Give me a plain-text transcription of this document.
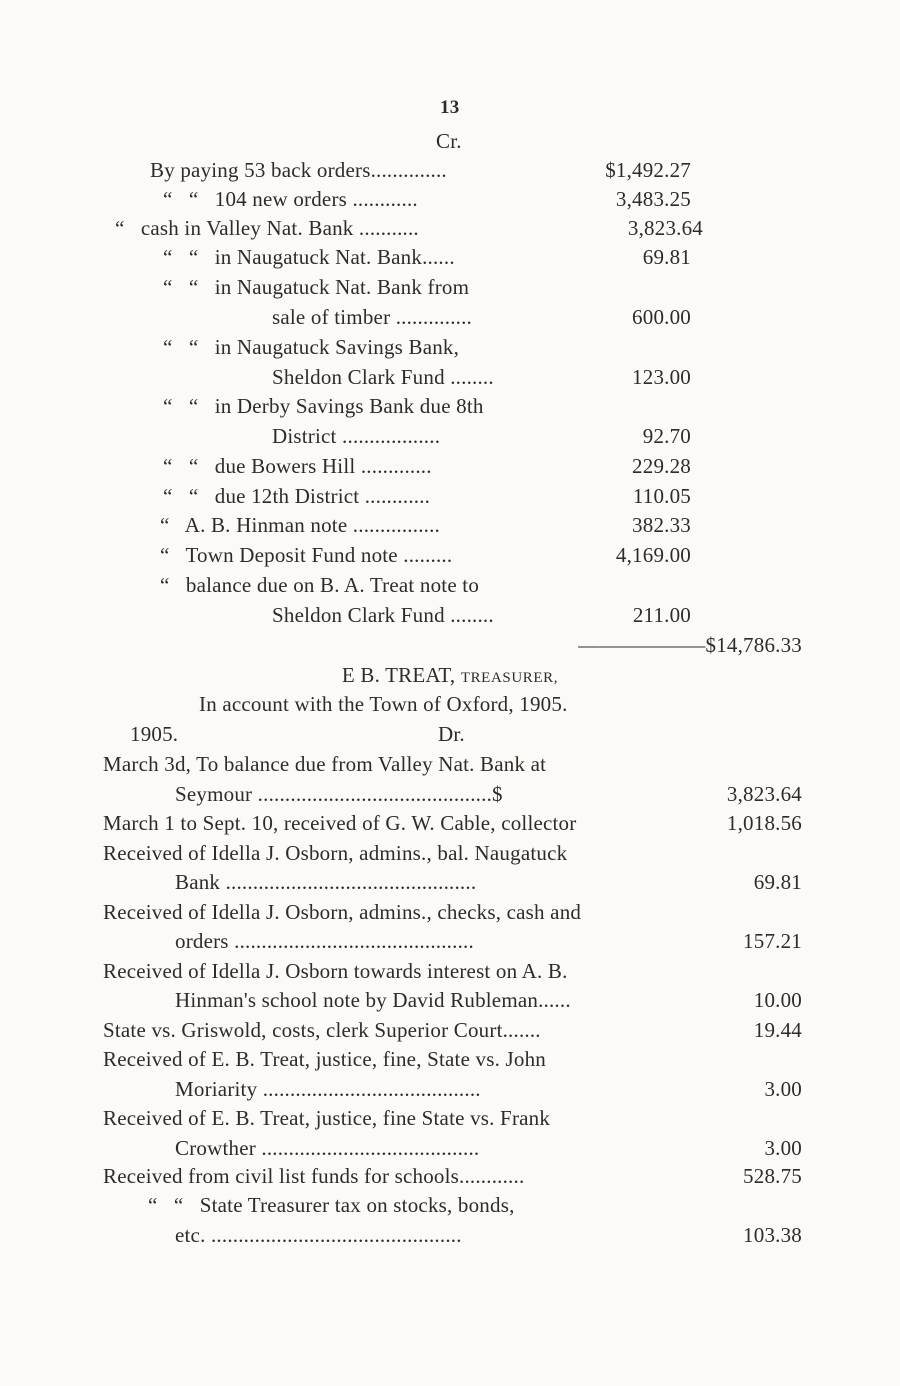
13
Cr.
By paying 53 back orders..............	$1,492.27
“   “   104 new orders ............	3,483.25
“   cash in Valley Nat. Bank ...........	3,823.64
“   “   in Naugatuck Nat. Bank......	69.81
“   “   in Naugatuck Nat. Bank from
sale of timber ..............	600.00
“   “   in Naugatuck Savings Bank,
Sheldon Clark Fund ........	123.00
“   “   in Derby Savings Bank due 8th
District ..................	92.70
“   “   due Bowers Hill .............	229.28
“   “   due 12th District ............	110.05
“   A. B. Hinman note ................	382.33
“   Town Deposit Fund note .........	4,169.00
“   balance due on B. A. Treat note to
Sheldon Clark Fund ........	211.00
——————$14,786.33
E B. TREAT, TREASURER,
In account with the Town of Oxford, 1905.
1905.	Dr.
March 3d, To balance due from Valley Nat. Bank at
Seymour ...........................................$	3,823.64
March 1 to Sept. 10, received of G. W. Cable, collector	1,018.56
Received of Idella J. Osborn, admins., bal. Naugatuck
Bank ..............................................	69.81
Received of Idella J. Osborn, admins., checks, cash and
orders ............................................	157.21
Received of Idella J. Osborn towards interest on A. B.
Hinman's school note by David Rubleman......	10.00
State vs. Griswold, costs, clerk Superior Court.......	19.44
Received of E. B. Treat, justice, fine, State vs. John
Moriarity ........................................	3.00
Received of E. B. Treat, justice, fine State vs. Frank
Crowther ........................................	3.00
Received from civil list funds for schools............	528.75
“   “   State Treasurer tax on stocks, bonds,
etc. ..............................................	103.38
